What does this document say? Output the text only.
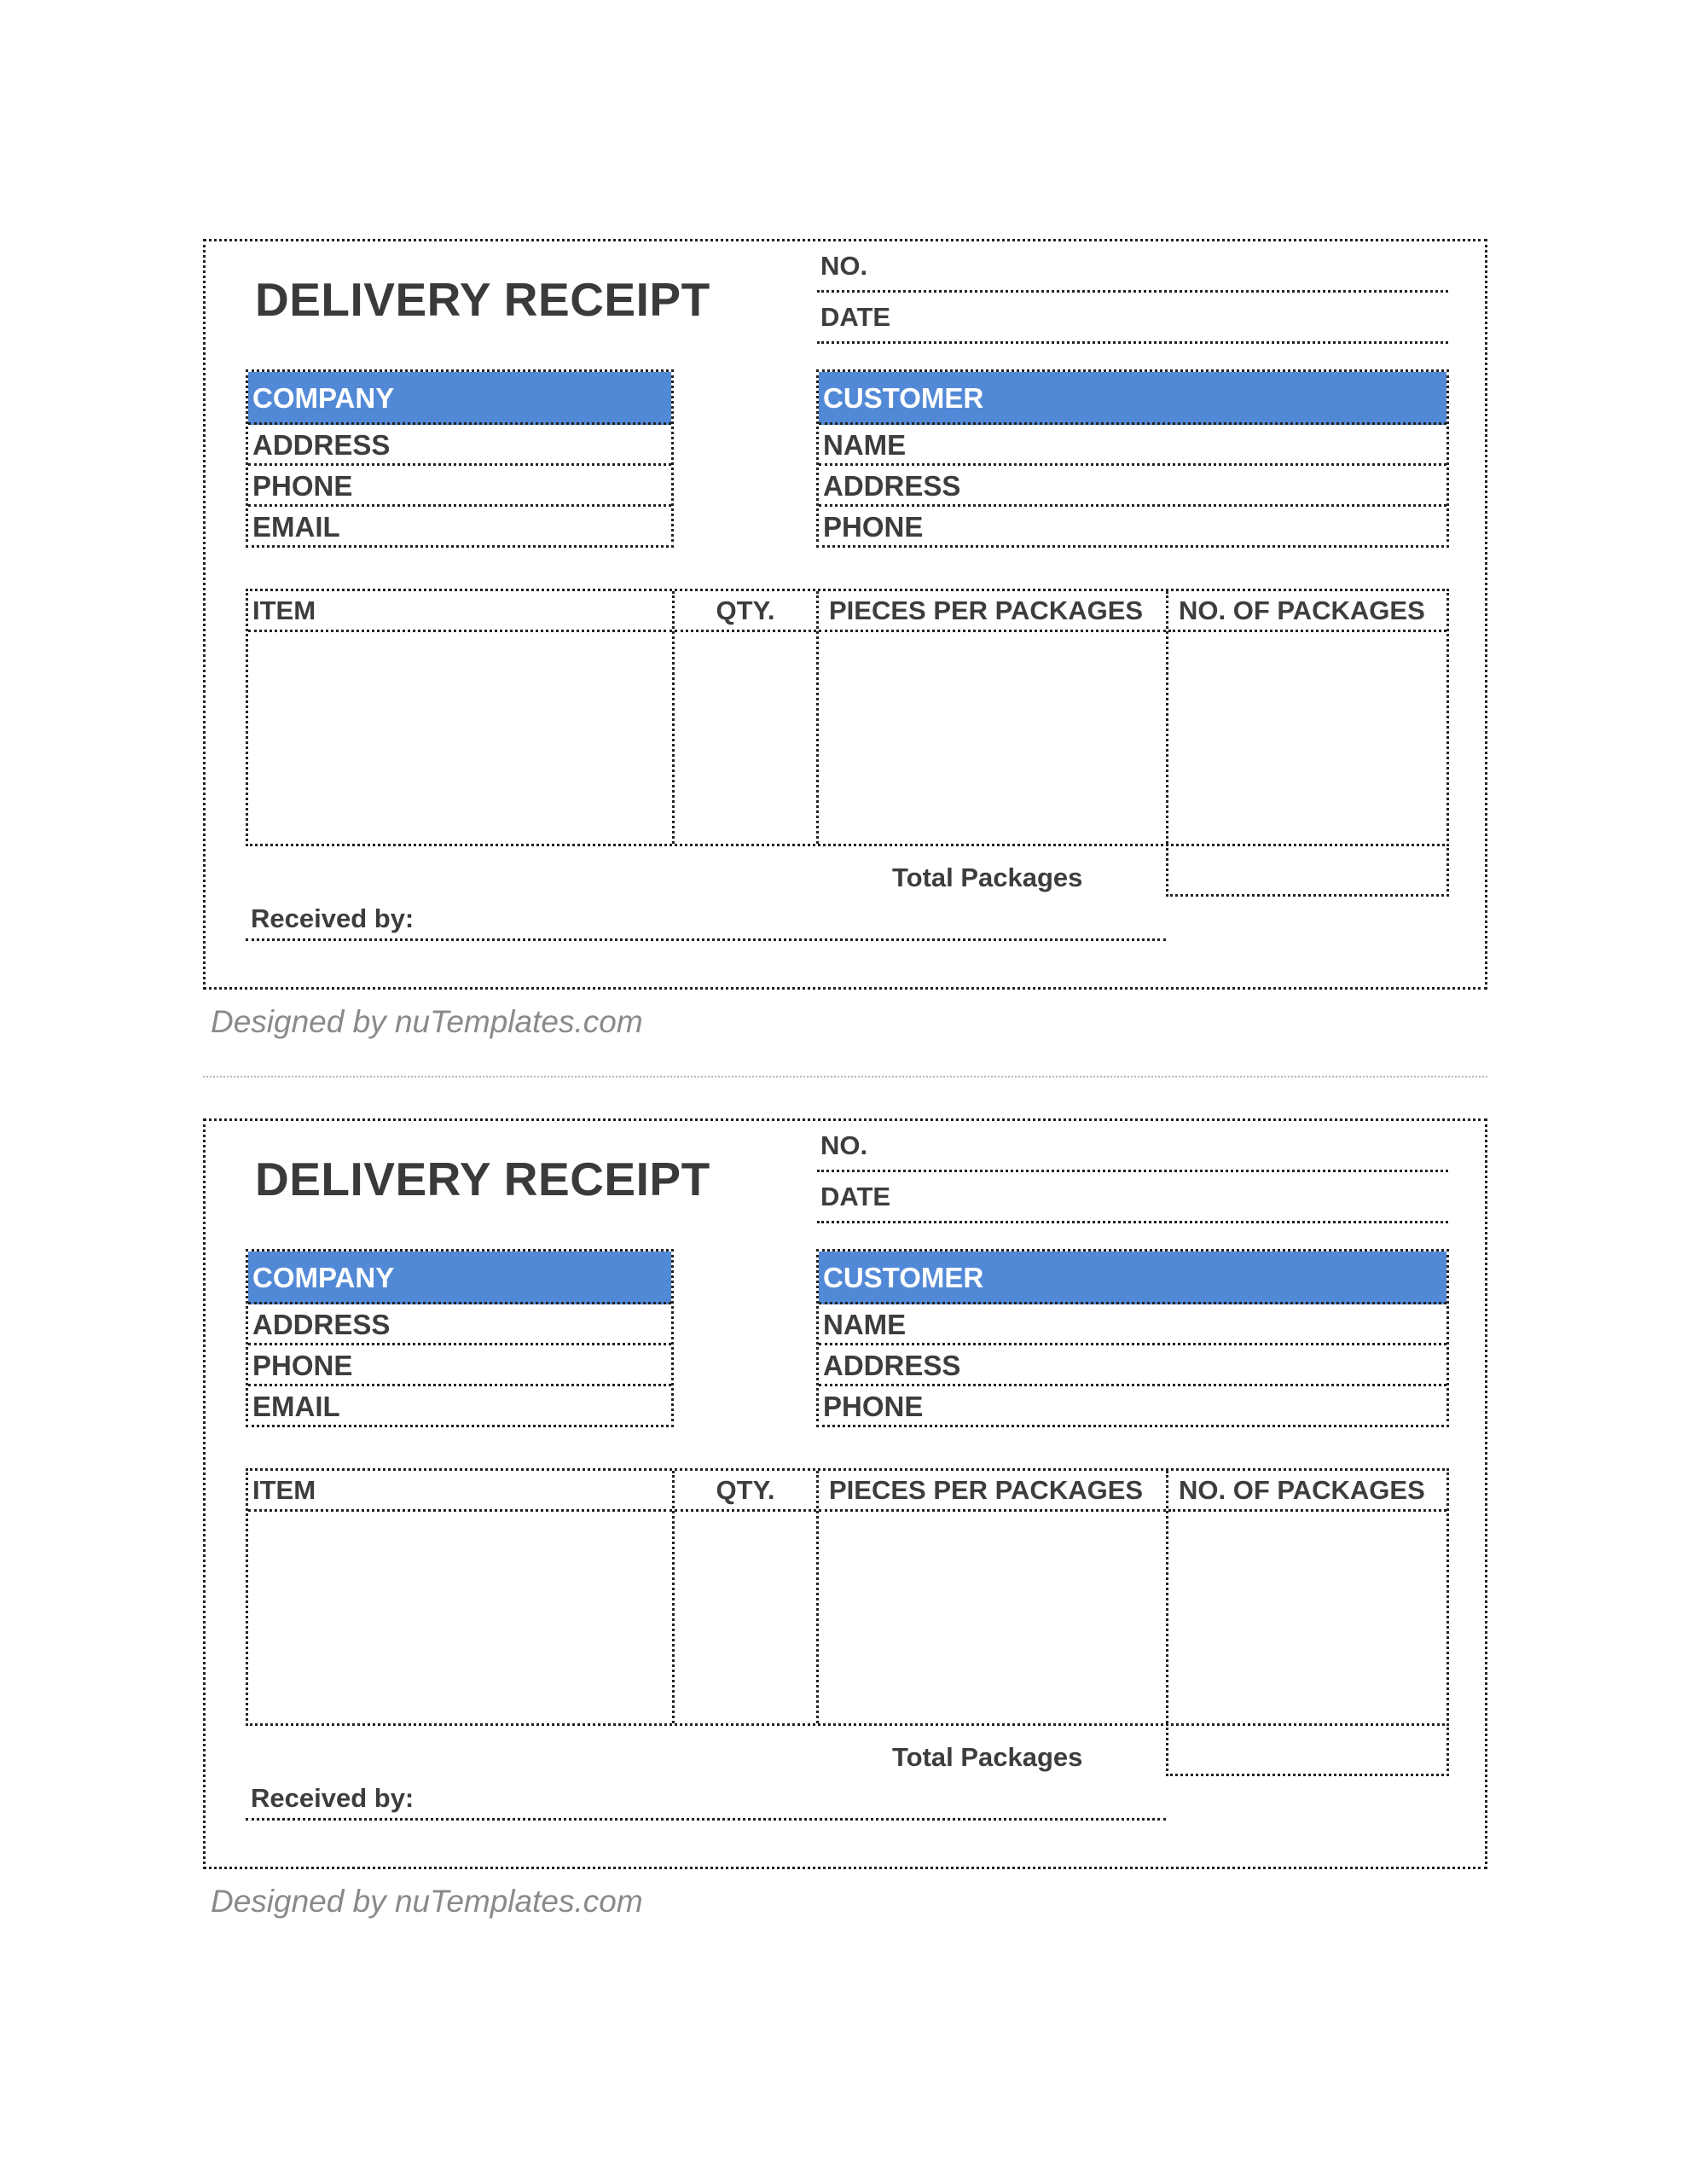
DELIVERY RECEIPT
NO.
DATE
COMPANY
ADDRESS
PHONE
EMAIL
CUSTOMER
NAME
ADDRESS
PHONE
ITEM	QTY.	PIECES PER PACKAGES	NO. OF PACKAGES
Total Packages
Received by:
Designed by nuTemplates.com
DELIVERY RECEIPT
NO.
DATE
COMPANY
ADDRESS
PHONE
EMAIL
CUSTOMER
NAME
ADDRESS
PHONE
ITEM	QTY.	PIECES PER PACKAGES	NO. OF PACKAGES
Total Packages
Received by:
Designed by nuTemplates.com
